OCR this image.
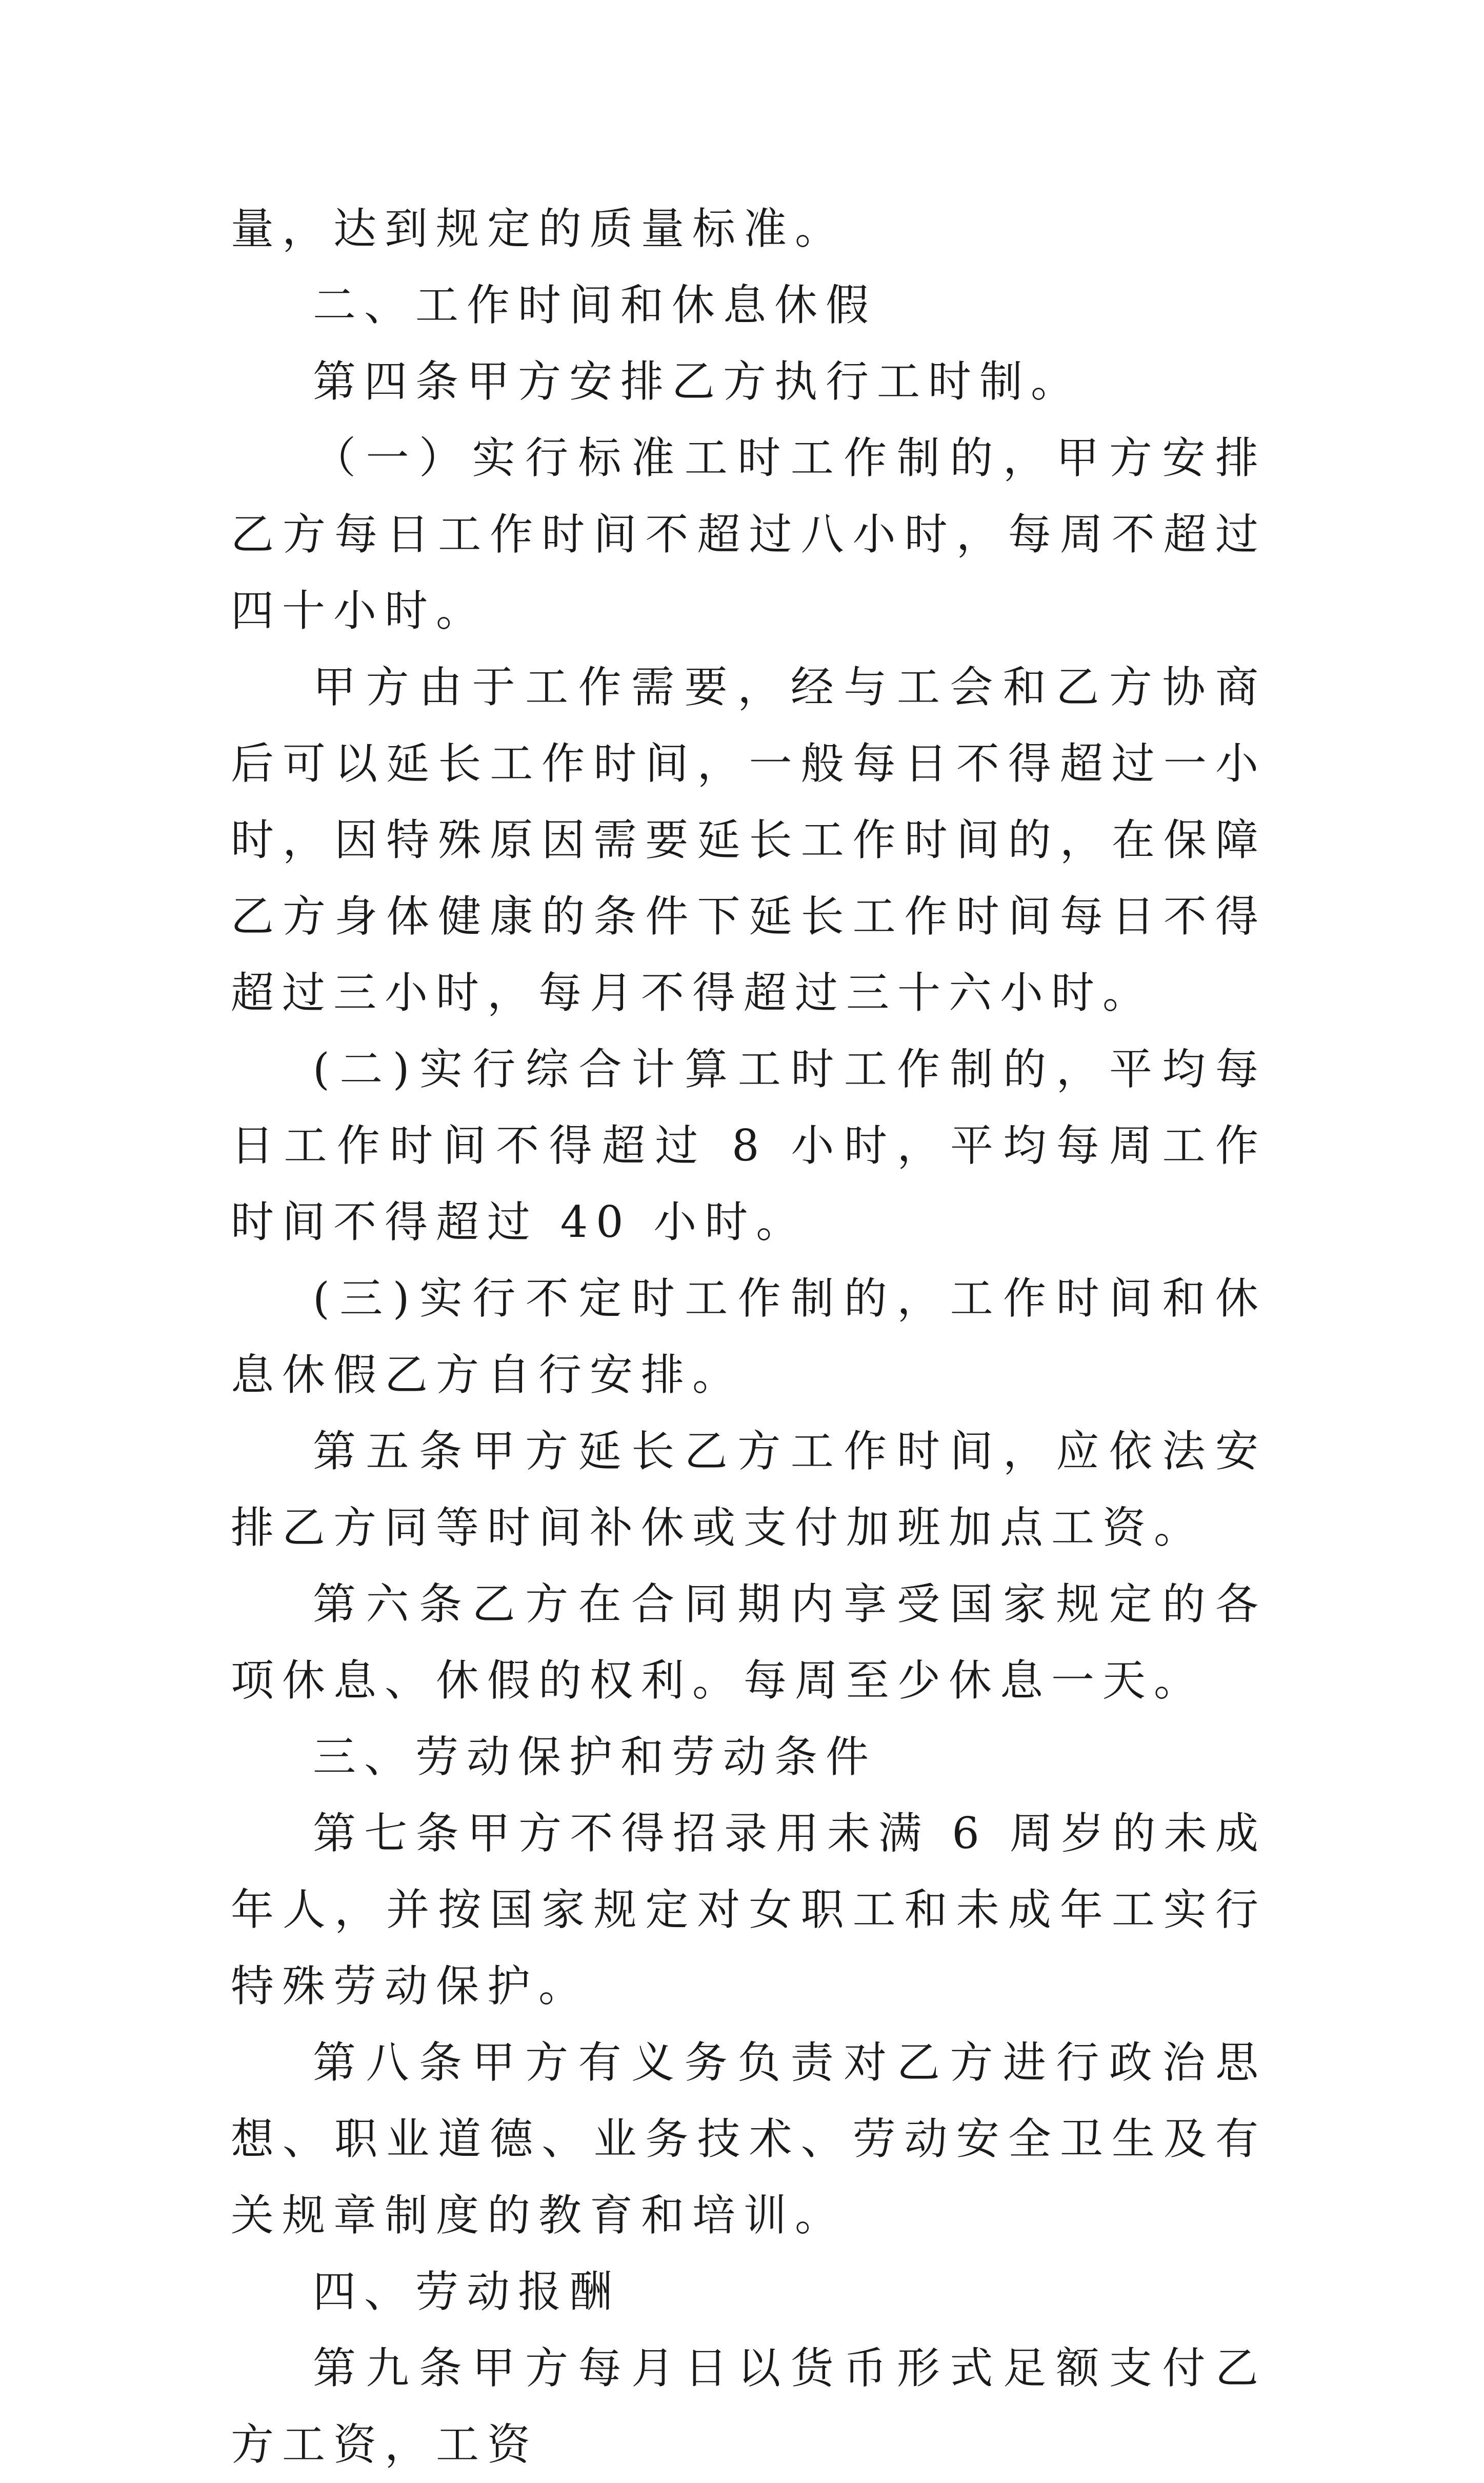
量，达到规定的质量标准。

二、工作时间和休息休假

第四条甲方安排乙方执行工时制。

（一）实行标准工时工作制的，甲方安排乙方每日工作时间不超过八小时，每周不超过四十小时。

甲方由于工作需要，经与工会和乙方协商后可以延长工作时间，一般每日不得超过一小时，因特殊原因需要延长工作时间的，在保障乙方身体健康的条件下延长工作时间每日不得超过三小时，每月不得超过三十六小时。

(二)实行综合计算工时工作制的，平均每日工作时间不得超过 8 小时，平均每周工作时间不得超过 40 小时。

(三)实行不定时工作制的，工作时间和休息休假乙方自行安排。

第五条甲方延长乙方工作时间，应依法安排乙方同等时间补休或支付加班加点工资。

第六条乙方在合同期内享受国家规定的各项休息、休假的权利。每周至少休息一天。

三、劳动保护和劳动条件

第七条甲方不得招录用未满 6 周岁的未成年人，并按国家规定对女职工和未成年工实行特殊劳动保护。

第八条甲方有义务负责对乙方进行政治思想、职业道德、业务技术、劳动安全卫生及有关规章制度的教育和培训。

四、劳动报酬

第九条甲方每月日以货币形式足额支付乙方工资，工资
